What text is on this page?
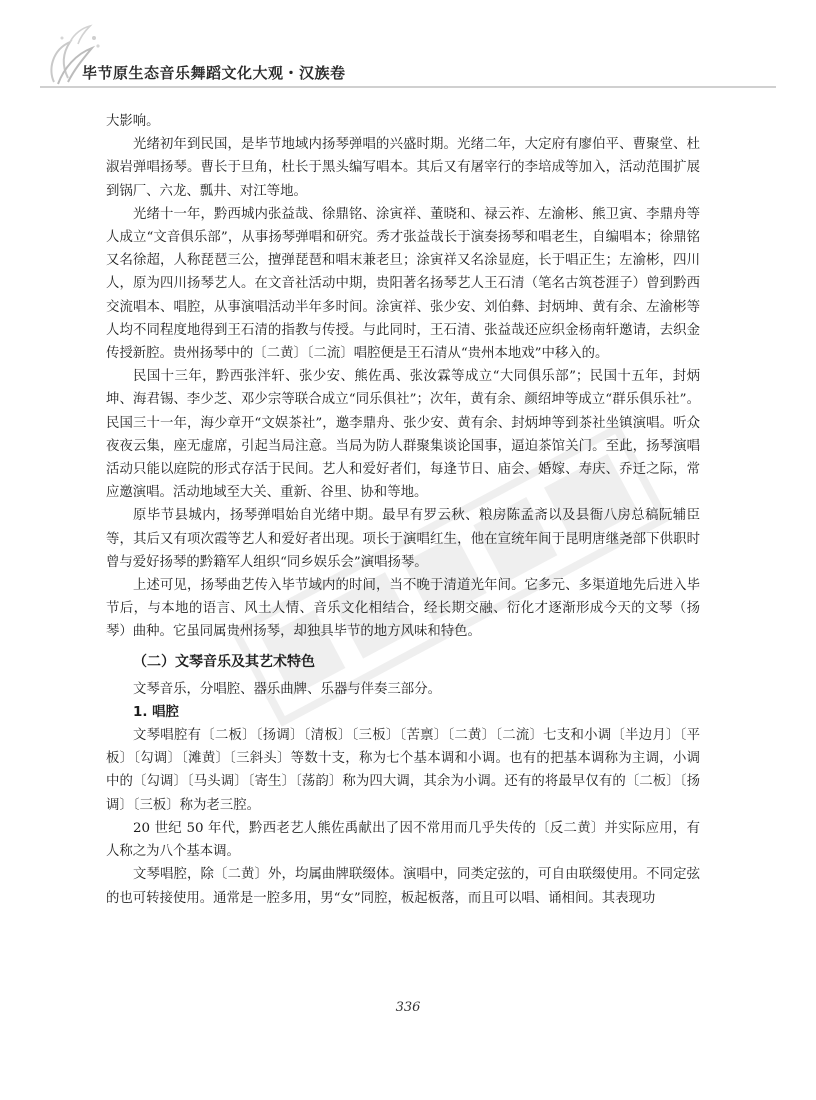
毕节原生态音乐舞蹈文化大观・汉族卷

大影响。

光绪初年到民国，是毕节地域内扬琴弹唱的兴盛时期。光绪二年，大定府有廖伯平、曹聚堂、杜淑岩弹唱扬琴。曹长于旦角，杜长于黑头编写唱本。其后又有屠宰行的李培成等加入，活动范围扩展到锅厂、六龙、瓢井、对江等地。

光绪十一年，黔西城内张益哉、徐鼎铭、涂寅祥、董晓和、禄云祚、左渝彬、熊卫寅、李鼎舟等人成立“文音俱乐部”，从事扬琴弹唱和研究。秀才张益哉长于演奏扬琴和唱老生，自编唱本；徐鼎铭又名徐超，人称琵琶三公，擅弹琵琶和唱末兼老旦；涂寅祥又名涂显庭，长于唱正生；左渝彬，四川人，原为四川扬琴艺人。在文音社活动中期，贵阳著名扬琴艺人王石清（笔名古筑苍涯子）曾到黔西交流唱本、唱腔，从事演唱活动半年多时间。涂寅祥、张少安、刘伯彝、封炳坤、黄有余、左渝彬等人均不同程度地得到王石清的指教与传授。与此同时，王石清、张益哉还应织金杨南轩邀请，去织金传授新腔。贵州扬琴中的〔二黄〕〔二流〕唱腔便是王石清从“贵州本地戏”中移入的。

民国十三年，黔西张泮轩、张少安、熊佐禹、张汝霖等成立“大同俱乐部”；民国十五年，封炳坤、海君锡、李少芝、邓少宗等联合成立“同乐俱社”；次年，黄有余、颜绍坤等成立“群乐俱乐社”。民国三十一年，海少章开“文娱茶社”，邀李鼎舟、张少安、黄有余、封炳坤等到茶社坐镇演唱。听众夜夜云集，座无虚席，引起当局注意。当局为防人群聚集谈论国事，逼迫茶馆关门。至此，扬琴演唱活动只能以庭院的形式存活于民间。艺人和爱好者们，每逢节日、庙会、婚嫁、寿庆、乔迁之际，常应邀演唱。活动地域至大关、重新、谷里、协和等地。

原毕节县城内，扬琴弹唱始自光绪中期。最早有罗云秋、粮房陈孟斋以及县衙八房总稿阮辅臣等，其后又有项次霞等艺人和爱好者出现。项长于演唱红生，他在宣统年间于昆明唐继尧部下供职时曾与爱好扬琴的黔籍军人组织“同乡娱乐会”演唱扬琴。

上述可见，扬琴曲艺传入毕节域内的时间，当不晚于清道光年间。它多元、多渠道地先后进入毕节后，与本地的语言、风土人情、音乐文化相结合，经长期交融、衍化才逐渐形成今天的文琴（扬琴）曲种。它虽同属贵州扬琴，却独具毕节的地方风味和特色。

（二）文琴音乐及其艺术特色

文琴音乐，分唱腔、器乐曲牌、乐器与伴奏三部分。

1. 唱腔

文琴唱腔有〔二板〕〔扬调〕〔清板〕〔三板〕〔苦禀〕〔二黄〕〔二流〕七支和小调〔半边月〕〔平板〕〔勾调〕〔滩黄〕〔三斜头〕等数十支，称为七个基本调和小调。也有的把基本调称为主调，小调中的〔勾调〕〔马头调〕〔寄生〕〔荡韵〕称为四大调，其余为小调。还有的将最早仅有的〔二板〕〔扬调〕〔三板〕称为老三腔。

20 世纪 50 年代，黔西老艺人熊佐禹献出了因不常用而几乎失传的〔反二黄〕并实际应用，有人称之为八个基本调。

文琴唱腔，除〔二黄〕外，均属曲牌联缀体。演唱中，同类定弦的，可自由联缀使用。不同定弦的也可转接使用。通常是一腔多用，男“女”同腔，板起板落，而且可以唱、诵相间。其表现功

336
